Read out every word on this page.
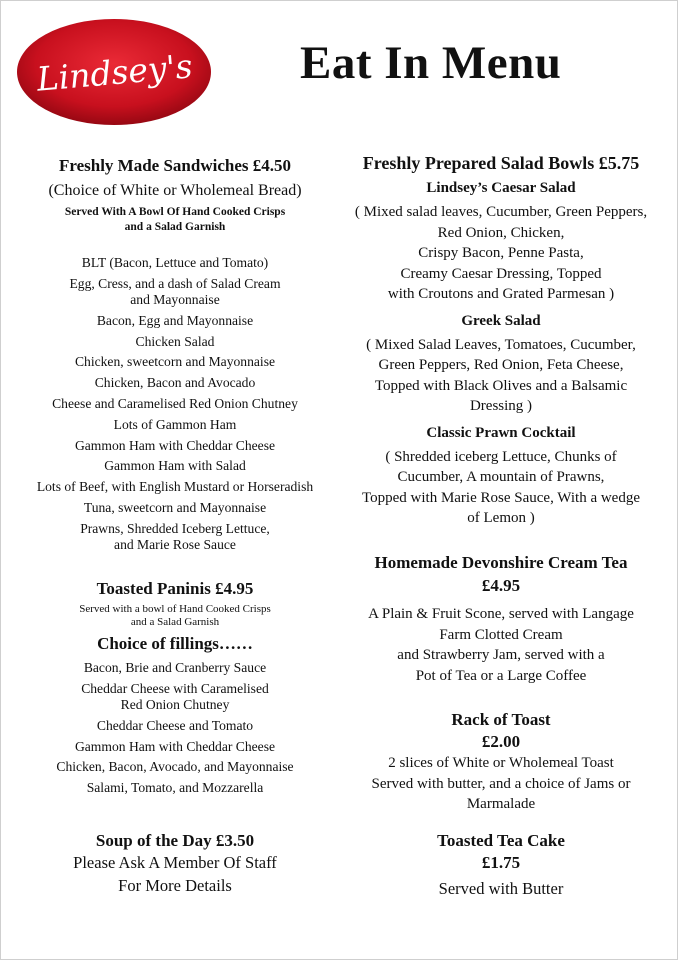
Lindsey's Eat In Menu
Freshly Made Sandwiches £4.50
(Choice of White or Wholemeal Bread)
Served With A Bowl Of Hand Cooked Crisps
and a Salad Garnish
BLT (Bacon, Lettuce and Tomato)
Egg, Cress, and a dash of Salad Cream
and Mayonnaise
Bacon, Egg and Mayonnaise
Chicken Salad
Chicken, sweetcorn and Mayonnaise
Chicken, Bacon and Avocado
Cheese and Caramelised Red Onion Chutney
Lots of Gammon Ham
Gammon Ham with Cheddar Cheese
Gammon Ham with Salad
Lots of Beef, with English Mustard or Horseradish
Tuna, sweetcorn and Mayonnaise
Prawns, Shredded Iceberg Lettuce,
and Marie Rose Sauce
Toasted Paninis £4.95
Served with a bowl of Hand Cooked Crisps
and a Salad Garnish
Choice of fillings……
Bacon, Brie and Cranberry Sauce
Cheddar Cheese with Caramelised
Red Onion Chutney
Cheddar Cheese and Tomato
Gammon Ham with Cheddar Cheese
Chicken, Bacon, Avocado, and Mayonnaise
Salami, Tomato, and Mozzarella
Soup of the Day £3.50
Please Ask A Member Of Staff
For More Details
Freshly Prepared Salad Bowls £5.75
Lindsey’s Caesar Salad
( Mixed salad leaves, Cucumber, Green Peppers,
Red Onion, Chicken,
Crispy Bacon, Penne Pasta,
Creamy Caesar Dressing, Topped
with Croutons and Grated Parmesan )
Greek Salad
( Mixed Salad Leaves, Tomatoes, Cucumber,
Green Peppers, Red Onion, Feta Cheese,
Topped with Black Olives and a Balsamic
Dressing )
Classic Prawn Cocktail
( Shredded iceberg Lettuce, Chunks of
Cucumber, A mountain of Prawns,
Topped with Marie Rose Sauce, With a wedge
of Lemon )
Homemade Devonshire Cream Tea
£4.95
A Plain & Fruit Scone, served with Langage
Farm Clotted Cream
and Strawberry Jam, served with a
Pot of Tea or a Large Coffee
Rack of Toast
£2.00
2 slices of White or Wholemeal Toast
Served with butter, and a choice of Jams or
Marmalade
Toasted Tea Cake
£1.75
Served with Butter
